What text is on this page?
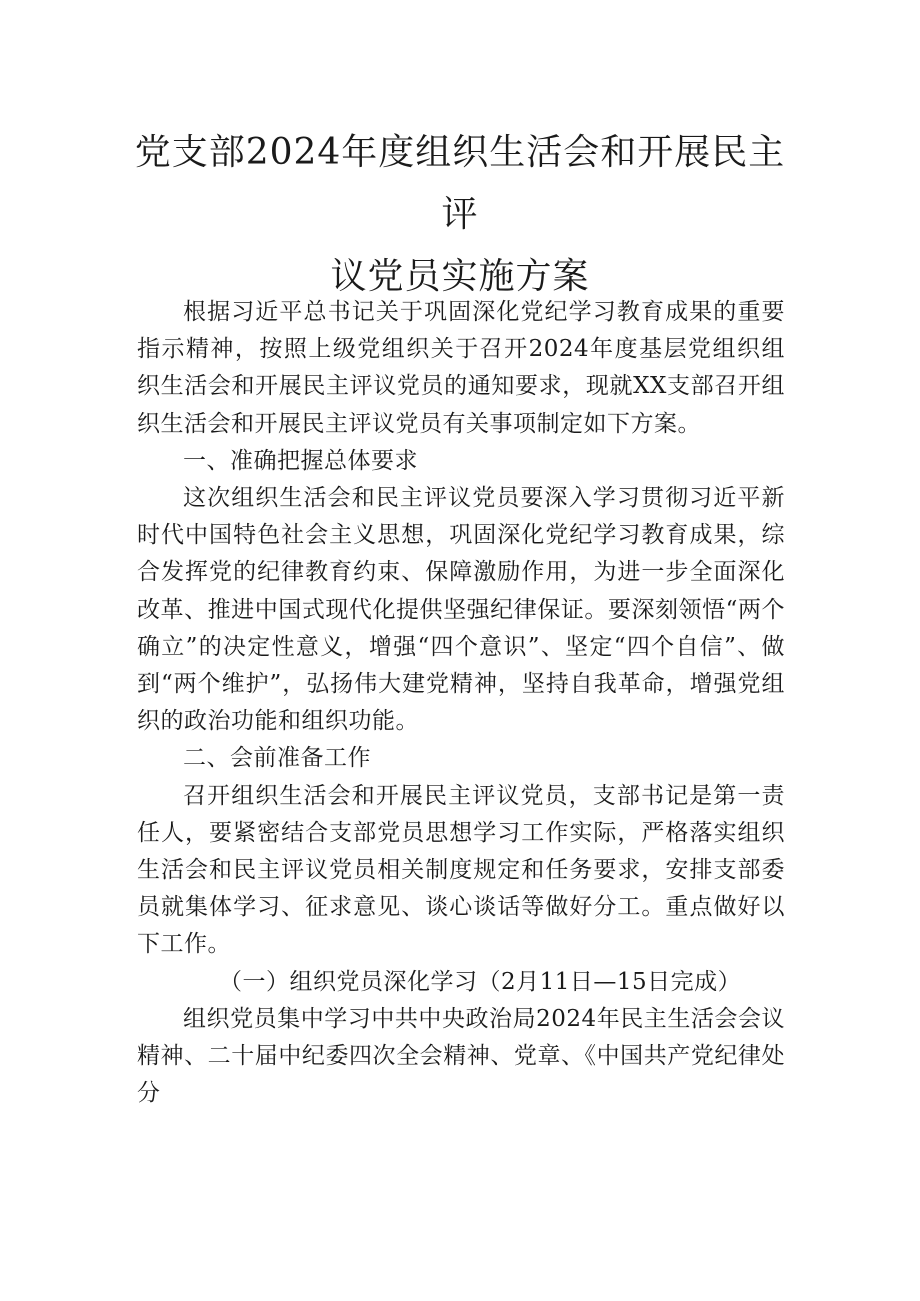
党支部2024年度组织生活会和开展民主评
议党员实施方案

根据习近平总书记关于巩固深化党纪学习教育成果的重要指示精神，按照上级党组织关于召开2024年度基层党组织组织生活会和开展民主评议党员的通知要求，现就XX支部召开组织生活会和开展民主评议党员有关事项制定如下方案。

一、准确把握总体要求

这次组织生活会和民主评议党员要深入学习贯彻习近平新时代中国特色社会主义思想，巩固深化党纪学习教育成果，综合发挥党的纪律教育约束、保障激励作用，为进一步全面深化改革、推进中国式现代化提供坚强纪律保证。要深刻领悟“两个确立”的决定性意义，增强“四个意识”、坚定“四个自信”、做到“两个维护”，弘扬伟大建党精神，坚持自我革命，增强党组织的政治功能和组织功能。

二、会前准备工作

召开组织生活会和开展民主评议党员，支部书记是第一责任人，要紧密结合支部党员思想学习工作实际，严格落实组织生活会和民主评议党员相关制度规定和任务要求，安排支部委员就集体学习、征求意见、谈心谈话等做好分工。重点做好以下工作。

（一）组织党员深化学习（2月11日—15日完成）

组织党员集中学习中共中央政治局2024年民主生活会会议精神、二十届中纪委四次全会精神、党章、《中国共产党纪律处分
